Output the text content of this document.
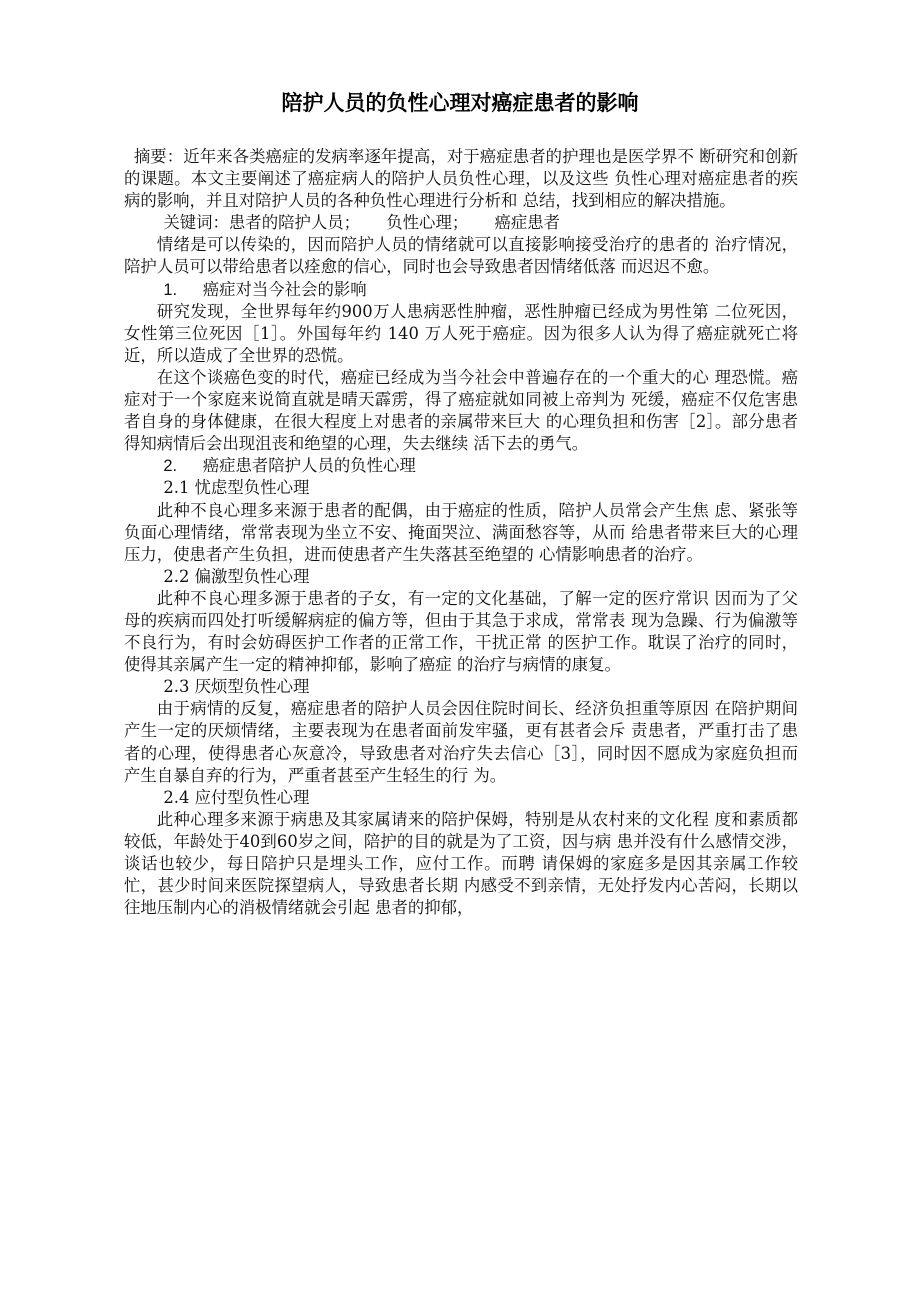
陪护人员的负性心理对癌症患者的影响

摘要：近年来各类癌症的发病率逐年提高，对于癌症患者的护理也是医学界不 断研究和创新的课题。本文主要阐述了癌症病人的陪护人员负性心理，以及这些 负性心理对癌症患者的疾病的影响，并且对陪护人员的各种负性心理进行分析和 总结，找到相应的解决措施。

关键词：患者的陪护人员； 负性心理； 癌症患者

情绪是可以传染的，因而陪护人员的情绪就可以直接影响接受治疗的患者的 治疗情况，陪护人员可以带给患者以痊愈的信心，同时也会导致患者因情绪低落 而迟迟不愈。

1. 癌症对当今社会的影响

研究发现，全世界每年约900万人患病恶性肿瘤，恶性肿瘤已经成为男性第 二位死因，女性第三位死因［1］。外国每年约 140 万人死于癌症。因为很多人认为得了癌症就死亡将近，所以造成了全世界的恐慌。

在这个谈癌色变的时代，癌症已经成为当今社会中普遍存在的一个重大的心 理恐慌。癌症对于一个家庭来说简直就是晴天霹雳，得了癌症就如同被上帝判为 死缓，癌症不仅危害患者自身的身体健康，在很大程度上对患者的亲属带来巨大 的心理负担和伤害［2］。部分患者得知病情后会出现沮丧和绝望的心理，失去继续 活下去的勇气。

2. 癌症患者陪护人员的负性心理

2.1 忧虑型负性心理

此种不良心理多来源于患者的配偶，由于癌症的性质，陪护人员常会产生焦 虑、紧张等负面心理情绪，常常表现为坐立不安、掩面哭泣、满面愁容等，从而 给患者带来巨大的心理压力，使患者产生负担，进而使患者产生失落甚至绝望的 心情影响患者的治疗。

2.2 偏激型负性心理

此种不良心理多源于患者的子女，有一定的文化基础，了解一定的医疗常识 因而为了父母的疾病而四处打听缓解病症的偏方等，但由于其急于求成，常常表 现为急躁、行为偏激等不良行为，有时会妨碍医护工作者的正常工作，干扰正常 的医护工作。耽误了治疗的同时，使得其亲属产生一定的精神抑郁，影响了癌症 的治疗与病情的康复。

2.3 厌烦型负性心理

由于病情的反复，癌症患者的陪护人员会因住院时间长、经济负担重等原因 在陪护期间产生一定的厌烦情绪，主要表现为在患者面前发牢骚，更有甚者会斥 责患者，严重打击了患者的心理，使得患者心灰意冷，导致患者对治疗失去信心［3］，同时因不愿成为家庭负担而产生自暴自弃的行为，严重者甚至产生轻生的行 为。

2.4 应付型负性心理

此种心理多来源于病患及其家属请来的陪护保姆，特别是从农村来的文化程 度和素质都较低，年龄处于40到60岁之间，陪护的目的就是为了工资，因与病 患并没有什么感情交涉，谈话也较少，每日陪护只是埋头工作，应付工作。而聘 请保姆的家庭多是因其亲属工作较忙，甚少时间来医院探望病人，导致患者长期 内感受不到亲情，无处抒发内心苦闷，长期以往地压制内心的消极情绪就会引起 患者的抑郁，
